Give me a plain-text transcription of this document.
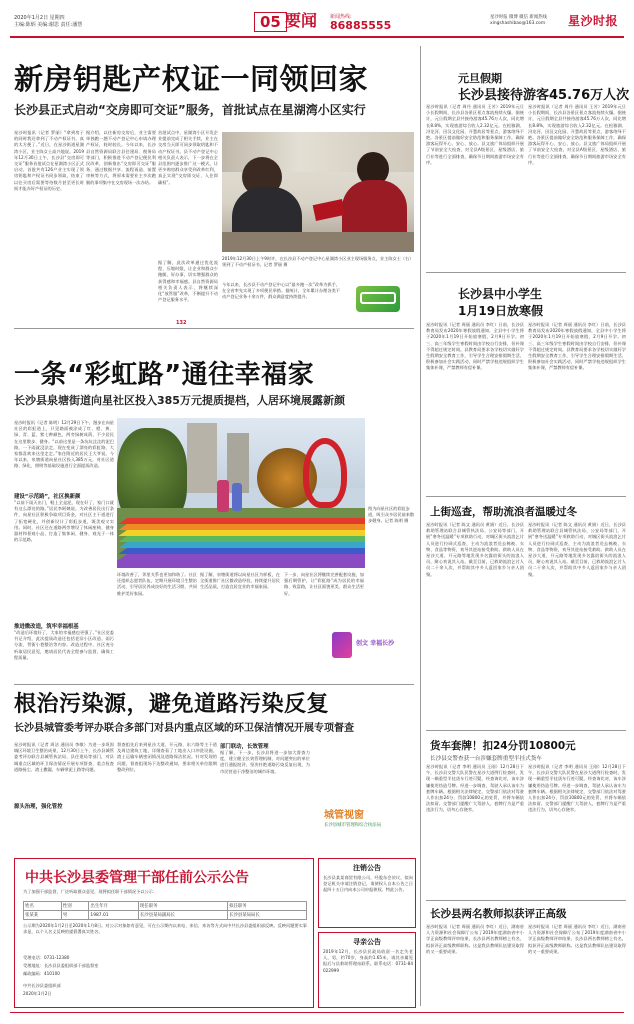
2020年1月2日 星期四
主编:陈炳 美编:谢思 责任:潘慧	05 要闻	新闻热线:
86885555
星沙时报 微博 微信 新闻热线
xingshashibao@163.com 星沙时报
新房钥匙产权证一同领回家
长沙县正式启动“交房即可交证”服务，首批试点在星湖湾小区实行
星沙时报讯（记者 罗丽）“拿到房子的同时我还拿到了不动产权证书，真的太方便了。”近日，在星沙街道星湖湾小区，业主陈女士高兴地说。2019年12月30日上午，长沙县“交房即可交证”服务首批试点在星湖湾小区正式启动，首批共有126户业主实现了领房钥匙和产权证书同步领取，结束了以往买房后需要等待数月甚至更长时间才能办好产权证的历史。
据介绍，以往新房交房后，业主需要单独跑一趟不动产登记中心申请办理产权证，耗时较长。今年以来，长沙县自然资源局联合县住建局、税务局等部门，积极推进不动产登记便民利民改革，创新推出“交房即可交证”服务，通过数据共享、流程再造、前置审核等方式，将原本需要业主多次跑腿的事项集中在交房现场一次办结。
首批试点中，星湖湾小区开发企业提前完成了相关手续，业主在交房当天即可同步领取钥匙和不动产权证书。县不动产登记中心相关负责人表示，下一步将在全县范围内逐步推广这一模式，让更多购房群众享受到改革红利，真正实现“交房即交证、入住即确权”。
据了解，此次改革通过优化流程、压缩时限，让企业和群众少跑腿、好办事，切实增强群众的获得感和幸福感。县自然资源局相关负责人表示，将继续深化“放管服”改革，不断提升不动产登记服务水平。
2019年12月30日上午9时许，在长沙县不动产登记中心星湖湾小区业主现场服务点，业主陈女士（右）领到了不动产权证书。记者 罗丽 摄
今年以来，长沙县不动产登记中心以“最多跑一次”改革为抓手，在全省率先实现了多项便民举措。据统计，全年累计办理各类不动产登记业务十余万件，群众满意度持续提升。
132
一条“彩虹路”通往幸福家
长沙县泉塘街道向星社区投入385万元提质提档，人居环境展露新颜
星沙时报讯（记者 陈明）12月29日下午，漫步在向星社区的彩虹道上，只见路面被涂成了红、橙、黄、绿、青、蓝、紫七种颜色，两旁绿树成荫，不少居民在这里散步、健身。“以前这里是一条坑坑洼洼的泥巴路，一下雨就没法走，现在变成了漂亮的彩虹路，大家都喜欢来这里走走。”家住附近的居民王大爷说。今年以来，泉塘街道向星社区投入385万元，对社区道路、绿化、照明等基础设施进行全面提质改造。
建设“示范路”，社区换新颜
“以前下雨天出门，鞋上全是泥，现在好了，家门口就有这么漂亮的路。”居民李阿姨说。为改善居民出行条件，向星社区积极争取项目资金，对社区主干道进行了拓宽硬化，并创新设计了彩虹步道，既美观又实用。同时，社区还在道路两旁增设了休闲座椅、健身器材和景观小品，打造了集休闲、健身、观光于一体的示范路。
推进微改造，筑牢幸福根基
“改造后环境好了，大家的幸福感也更强了。”社区党委书记介绍，此次提质改造还包括老旧小区改造、雨污分流、背街小巷整治等内容。改造过程中，社区充分听取居民意见，邀请居民代表全程参与监督，确保工程质量。
图为向星社区的彩虹步道，吸引众多居民前来散步健身。记者 陈明 摄
环境改善了，邻里关系也更加和谐了。社区还组织志愿者队伍，定期开展环境卫生整治活动，引导居民养成良好的生活习惯，共同维护美好家园。
据了解，泉塘街道将以向星社区为样板，在全街道推广社区微改造经验，持续提升居民生活品质，打造宜居宜业的幸福家园。
下一步，向星社区将继续完善配套设施，加强后期管护，让“彩虹路”成为居民的幸福路、致富路，让社区面貌更美、群众生活更好。
创文 幸福长沙
根治污染源，避免道路污染反复
长沙县城管委考评办联合多部门对县内重点区域的环卫保洁情况开展专项督查
星沙时报讯（记者 周洁 通讯员 李敏）为进一步巩固城区环境卫生整治成果，12月30日上午，长沙县城管委考评办联合县城管执法局、县住建局等部门，对县城重点区域的环卫保洁情况开展专项督查，重点检查道路扬尘、渣土撒漏、车辆带泥上路等问题。
源头治理，强化管控
督查组先后来到星沙大道、开元路、东六路等主干道及周边建筑工地，详细查看了工地出入口冲洗设施、渣土运输车辆密闭情况及道路保洁状况。针对发现的问题，督查组现场下达整改通知，要求相关单位限期整改到位。
部门联动，长效管理
据了解，下一步，长沙县将进一步加大督查力度，建立健全长效管理机制，对问题突出的单位进行通报批评，坚决杜绝道路污染反复出现，为市民营造干净整洁的城市环境。
城管视窗
长沙县城市管理和综合执法局
中共长沙县委管理干部任前公示公告
为了加强干部监督，广泛听取群众意见，现将拟任职干部情况予以公示：
姓名	性别	出生年月	现任职务	拟任职务
张某某	男	1987.01	长沙县某局副局长	长沙县某局局长
公示期为2020年1月2日至2020年1月8日。对公示对象如有意见，可在公示期内以来电、来信、来访等方式向中共长沙县委组织部反映。反映问题要实事求是，以个人名义反映的提倡署真实姓名。
受理电话：0731-12380
受理地址：长沙县县委组织部干部监督室
邮政编码：410100
中共长沙县委组织部
2020年1月2日
注销公告
长沙县某某商贸有限公司，经股东会决议，拟向登记机关申请注销登记，请债权人自本公告之日起四十五日内向本公司申报债权。特此公告。
寻亲公告
2019年12月，长沙县民政局收留一名走失老人，男，约70岁，身高约1.65米，请其亲属见报后与县救助管理站联系。联系电话：0731-84022999
元旦假期
长沙县接待游客45.76万人次
星沙时报讯（记者 周丹 通讯员 王芳）2019年元旦小长假期间，长沙县各景区景点客流持续火爆。据统计，元旦假期全县共接待游客45.76万人次，同比增长8.8%，实现旅游综合收入2.32亿元。在松雅湖、浔龙河、田汉文化园、开慧故居等景点，游客络绎不绝。各景区提前做好安全防范和服务保障工作，确保游客玩得开心、安心、放心。县文旅广体局组织开展了节前安全大检查，对全县A级景区、星级酒店、旅行社等进行全面排查，确保节日期间旅游市场安全有序。
星沙时报讯（记者 周丹 通讯员 王芳）2019年元旦小长假期间，长沙县各景区景点客流持续火爆。据统计，元旦假期全县共接待游客45.76万人次，同比增长8.8%，实现旅游综合收入2.32亿元。在松雅湖、浔龙河、田汉文化园、开慧故居等景点，游客络绎不绝。各景区提前做好安全防范和服务保障工作，确保游客玩得开心、安心、放心。县文旅广体局组织开展了节前安全大检查，对全县A级景区、星级酒店、旅行社等进行全面排查，确保节日期间旅游市场安全有序。
长沙县中小学生
1月19日放寒假
星沙时报讯（记者 周丽 通讯员 李红）日前，长沙县教育局发布2020年寒假放假通知，全县中小学生将于2020年1月19日开始放寒假，2月9日开学。初三、高三年级学生寒假时间由学校自行安排，但补课不得超过规定时间。县教育局要求各学校切实做好学生假期安全教育工作，引导学生合理安排假期生活，积极参加社会实践活动，同时严禁学校违规组织学生集体补课，严禁教师有偿补课。
星沙时报讯（记者 周丽 通讯员 李红）日前，长沙县教育局发布2020年寒假放假通知，全县中小学生将于2020年1月19日开始放寒假，2月9日开学。初三、高三年级学生寒假时间由学校自行安排，但补课不得超过规定时间。县教育局要求各学校切实做好学生假期安全教育工作，引导学生合理安排假期生活，积极参加社会实践活动，同时严禁学校违规组织学生集体补课，严禁教师有偿补课。
上街巡查，帮助流浪者温暖过冬
星沙时报讯（记者 陈文 通讯员 黄娟）近日，长沙县救助管理站联合县城管执法局、公安局等部门，开展“寒冬送温暖”专项救助行动，对城区街头流浪乞讨人员进行拉网式巡查，主动为流浪者送去棉被、衣物、食品等物资，劝导其进站接受救助。救助人员在星沙大道、开元路等地发现多名露宿街头的流浪人员，耐心劝说其入站。截至目前，已救助流浪乞讨人员二十余人次，并帮助其中多人返回家乡与亲人团聚。
星沙时报讯（记者 陈文 通讯员 黄娟）近日，长沙县救助管理站联合县城管执法局、公安局等部门，开展“寒冬送温暖”专项救助行动，对城区街头流浪乞讨人员进行拉网式巡查，主动为流浪者送去棉被、衣物、食品等物资，劝导其进站接受救助。救助人员在星沙大道、开元路等地发现多名露宿街头的流浪人员，耐心劝说其入站。截至目前，已救助流浪乞讨人员二十余人次，并帮助其中多人返回家乡与亲人团聚。
货车套牌！扣24分罚10800元
长沙县交警查获一台涉嫌套牌重型半挂式货车
星沙时报讯（记者 李明 通讯员 王刚）12月28日下午，长沙县交警大队民警在星沙大道例行检查时，发现一辆重型半挂货车行迹可疑，经查询比对，该车涉嫌使用伪造号牌。经进一步调查，驾驶人承认该车为套牌车辆。根据相关法律规定，交警部门依法对驾驶人作出扣24分、罚款10800元的处罚，并将车辆依法扣留。交警部门提醒广大驾驶人，套牌行为是严重违法行为，切勿心存侥幸。
星沙时报讯（记者 李明 通讯员 王刚）12月28日下午，长沙县交警大队民警在星沙大道例行检查时，发现一辆重型半挂货车行迹可疑，经查询比对，该车涉嫌使用伪造号牌。经进一步调查，驾驶人承认该车为套牌车辆。根据相关法律规定，交警部门依法对驾驶人作出扣24分、罚款10800元的处罚，并将车辆依法扣留。交警部门提醒广大驾驶人，套牌行为是严重违法行为，切勿心存侥幸。
长沙县两名教师拟获评正高级
星沙时报讯（记者 周丽 通讯员 李红）近日，湖南省人力资源和社会保障厅公布了2019年度湖南省中小学正高级教师评审结果，长沙县两名教师榜上有名，拟获评正高级教师职称。这是我县教师队伍建设取得的又一重要成果。
星沙时报讯（记者 周丽 通讯员 李红）近日，湖南省人力资源和社会保障厅公布了2019年度湖南省中小学正高级教师评审结果，长沙县两名教师榜上有名，拟获评正高级教师职称。这是我县教师队伍建设取得的又一重要成果。
